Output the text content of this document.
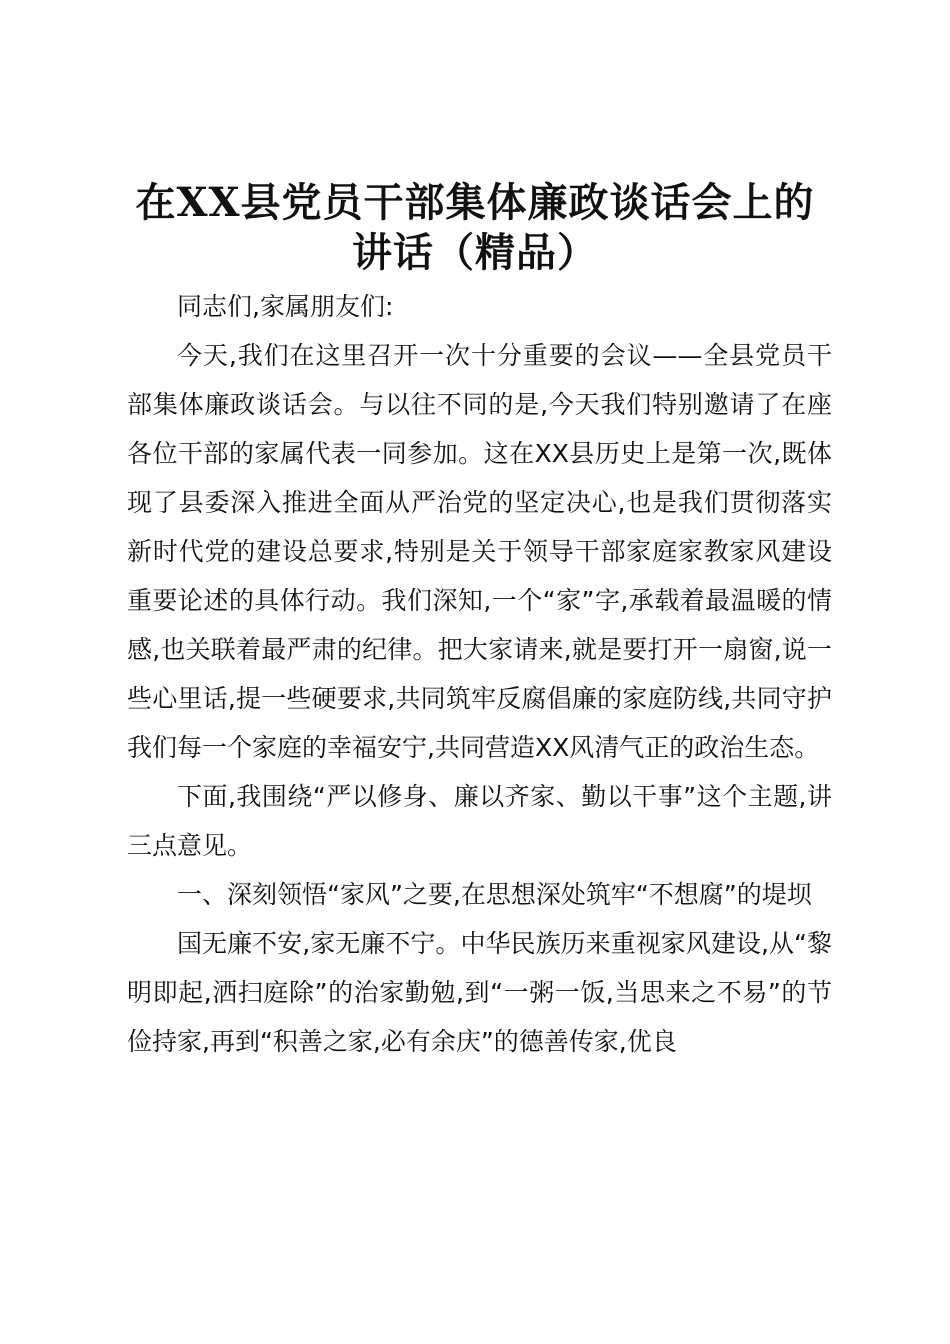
在XX县党员干部集体廉政谈话会上的
讲话（精品）

同志们,家属朋友们:

今天,我们在这里召开一次十分重要的会议——全县党员干部集体廉政谈话会。与以往不同的是,今天我们特别邀请了在座各位干部的家属代表一同参加。这在XX县历史上是第一次,既体现了县委深入推进全面从严治党的坚定决心,也是我们贯彻落实新时代党的建设总要求,特别是关于领导干部家庭家教家风建设重要论述的具体行动。我们深知,一个“家”字,承载着最温暖的情感,也关联着最严肃的纪律。把大家请来,就是要打开一扇窗,说一些心里话,提一些硬要求,共同筑牢反腐倡廉的家庭防线,共同守护我们每一个家庭的幸福安宁,共同营造XX风清气正的政治生态。

下面,我围绕“严以修身、廉以齐家、勤以干事”这个主题,讲三点意见。

一、深刻领悟“家风”之要,在思想深处筑牢“不想腐”的堤坝

国无廉不安,家无廉不宁。中华民族历来重视家风建设,从“黎明即起,洒扫庭除”的治家勤勉,到“一粥一饭,当思来之不易”的节俭持家,再到“积善之家,必有余庆”的德善传家,优良
